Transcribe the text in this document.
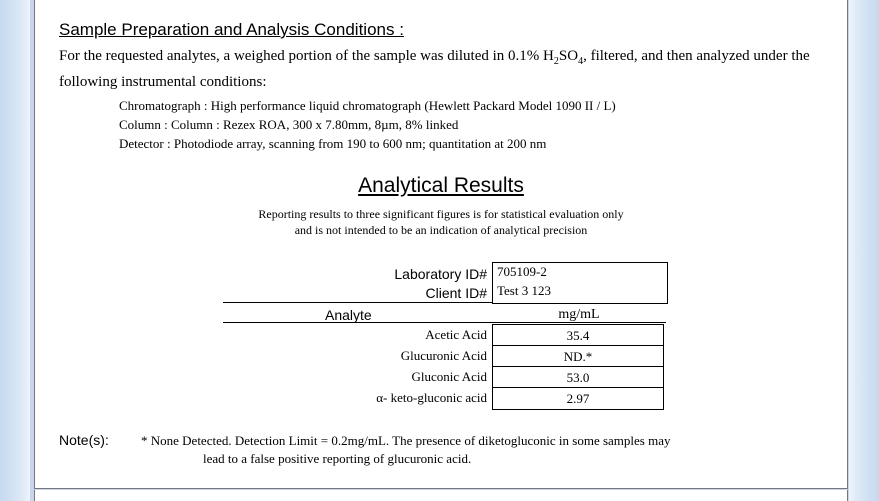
Sample Preparation and Analysis Conditions :
For the requested analytes, a weighed portion of the sample was diluted in 0.1% $H_2SO_4$, filtered, and then analyzed under the following instrumental conditions:
Chromatograph : High performance liquid chromatograph (Hewlett Packard Model 1090 II / L)
Column : Column : Rezex ROA, 300 x 7.80mm, 8µm, 8% linked
Detector : Photodiode array, scanning from 190 to 600 nm; quantitation at 200 nm
Analytical Results
Reporting results to three significant figures is for statistical evaluation only
and is not intended to be an indication of analytical precision
Laboratory ID#
Client ID#
705109-2
Test 3 123
Analyte	mg/mL
Acetic Acid
Glucuronic Acid
Gluconic Acid
α- keto-gluconic acid
35.4
ND.*
53.0
2.97
Note(s): * None Detected. Detection Limit = 0.2mg/mL. The presence of diketogluconic in some samples may
lead to a false positive reporting of glucuronic acid.
